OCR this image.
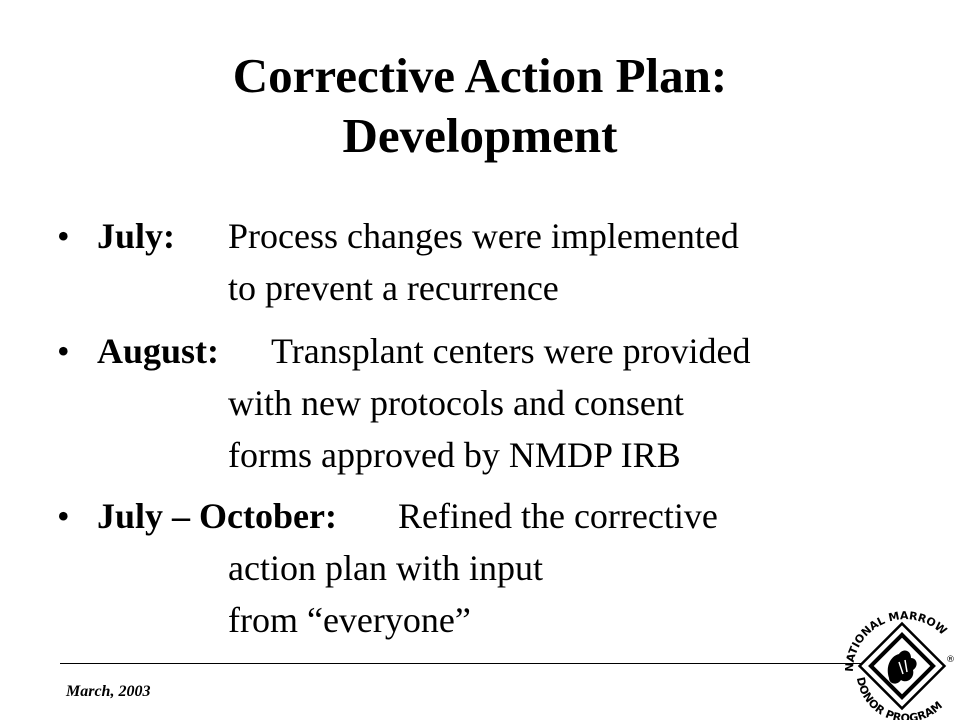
Corrective Action Plan:
Development
• July: Process changes were implemented
to prevent a recurrence
• August: Transplant centers were provided
with new protocols and consent
forms approved by NMDP IRB
• July – October: Refined the corrective
action plan with input
from “everyone”
March, 2003
ATIONAL MARROW
DONOR PROGRAM
®
